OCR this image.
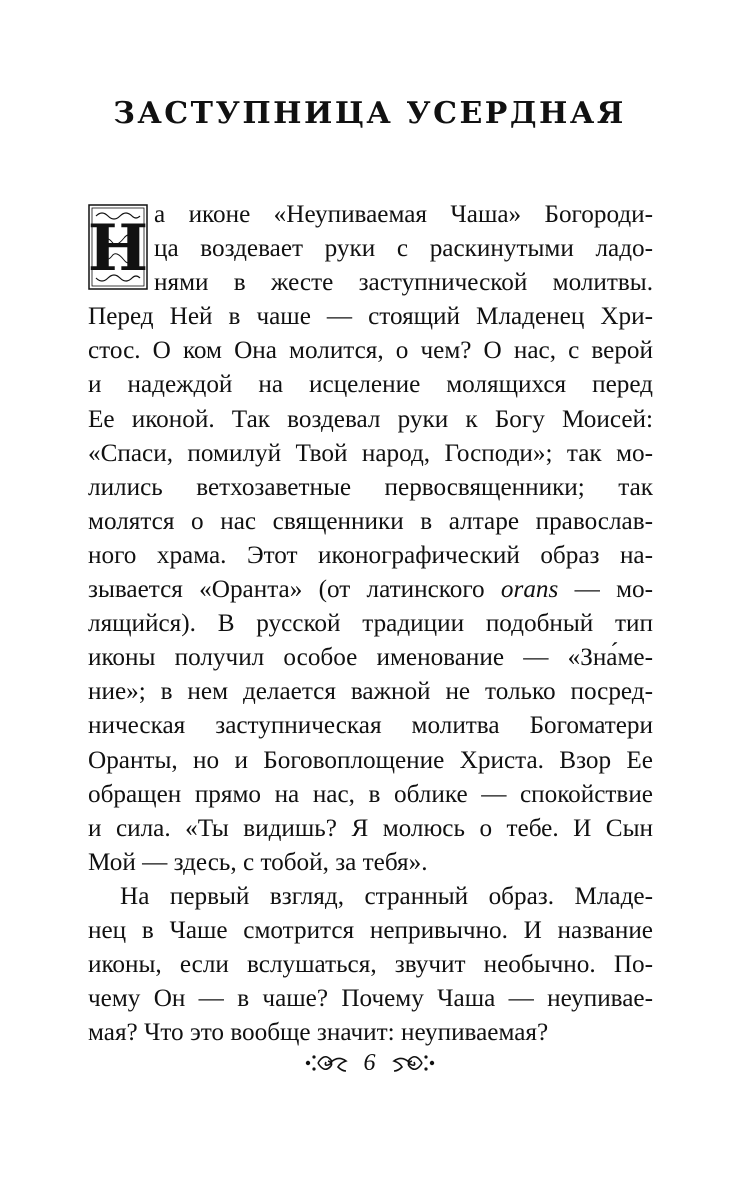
ЗАСТУПНИЦА УСЕРДНАЯ
Н а иконе «Неупиваемая Чаша» Богороди-
ца воздевает руки с раскинутыми ладо-
нями в жесте заступнической молитвы.
Перед Ней в чаше — стоящий Младенец Хри-
стос. О ком Она молится, о чем? О нас, с верой
и надеждой на исцеление молящихся перед
Ее иконой. Так воздевал руки к Богу Моисей:
«Спаси, помилуй Твой народ, Господи»; так мо-
лились ветхозаветные первосвященники; так
молятся о нас священники в алтаре православ-
ного храма. Этот иконографический образ на-
зывается «Оранта» (от латинского orans — мо-
лящийся). В русской традиции подобный тип
иконы получил особое именование — «Зна́ме-
ние»; в нем делается важной не только посред-
ническая заступническая молитва Богоматери
Оранты, но и Боговоплощение Христа. Взор Ее
обращен прямо на нас, в облике — спокойствие
и сила. «Ты видишь? Я молюсь о тебе. И Сын
Мой — здесь, с тобой, за тебя».
На первый взгляд, странный образ. Младе-
нец в Чаше смотрится непривычно. И название
иконы, если вслушаться, звучит необычно. По-
чему Он — в чаше? Почему Чаша — неупивае-
мая? Что это вообще значит: неупиваемая?
6
